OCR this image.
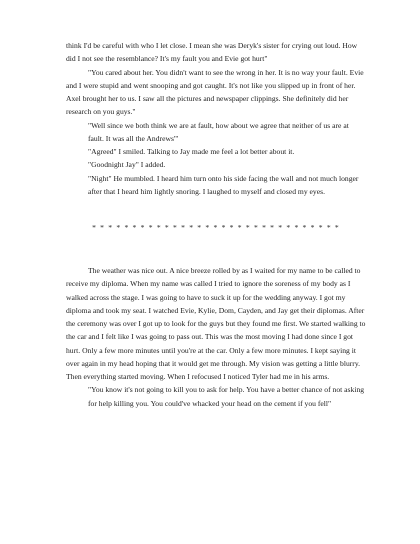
think I'd be careful with who I let close. I mean she was Deryk's sister for crying out loud. How did I not see the resemblance? It's my fault you and Evie got hurt"

"You cared about her. You didn't want to see the wrong in her. It is no way your fault. Evie and I were stupid and went snooping and got caught. It's not like you slipped up in front of her. Axel brought her to us. I saw all the pictures and newspaper clippings. She definitely did her research on you guys."

"Well since we both think we are at fault, how about we agree that neither of us are at fault. It was all the Andrews'"

"Agreed" I smiled. Talking to Jay made me feel a lot better about it.

"Goodnight Jay" I added.

"Night" He mumbled. I heard him turn onto his side facing the wall and not much longer after that I heard him lightly snoring. I laughed to myself and closed my eyes.

* * * * * * * * * * * * * * * * * * * * * * * * * * * * * * *

The weather was nice out. A nice breeze rolled by as I waited for my name to be called to receive my diploma. When my name was called I tried to ignore the soreness of my body as I walked across the stage. I was going to have to suck it up for the wedding anyway. I got my diploma and took my seat. I watched Evie, Kylie, Dom, Cayden, and Jay get their diplomas. After the ceremony was over I got up to look for the guys but they found me first. We started walking to the car and I felt like I was going to pass out. This was the most moving I had done since I got hurt. Only a few more minutes until you're at the car. Only a few more minutes. I kept saying it over again in my head hoping that it would get me through. My vision was getting a little blurry. Then everything started moving. When I refocused I noticed Tyler had me in his arms.

"You know it's not going to kill you to ask for help. You have a better chance of not asking for help killing you. You could've whacked your head on the cement if you fell"
